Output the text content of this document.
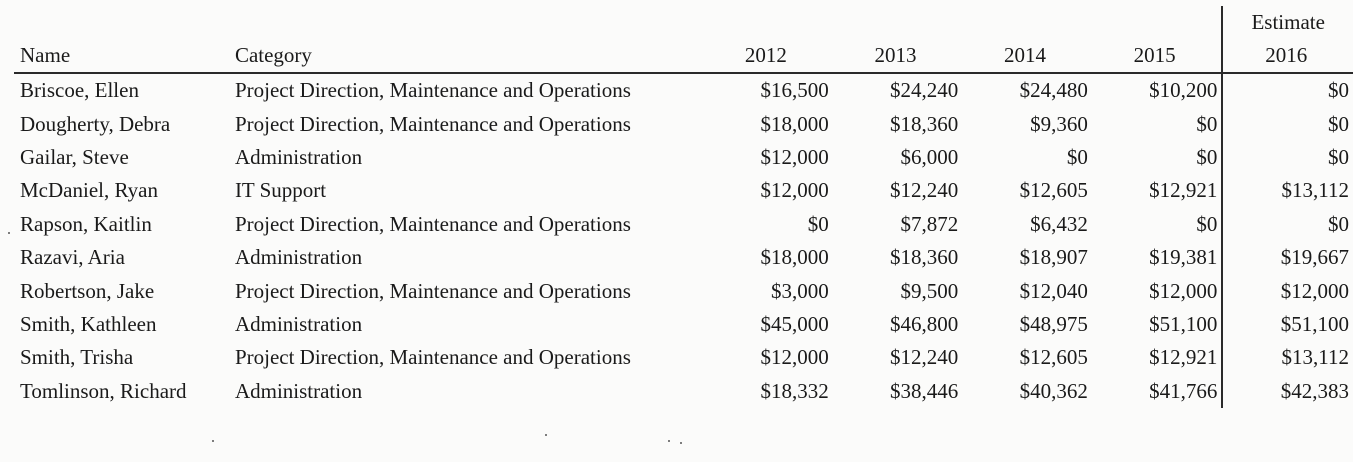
						Estimate
Name	Category	2012	2013	2014	2015	2016
Briscoe, Ellen	Project Direction, Maintenance and Operations	$16,500	$24,240	$24,480	$10,200	$0
Dougherty, Debra	Project Direction, Maintenance and Operations	$18,000	$18,360	$9,360	$0	$0
Gailar, Steve	Administration	$12,000	$6,000	$0	$0	$0
McDaniel, Ryan	IT Support	$12,000	$12,240	$12,605	$12,921	$13,112
Rapson, Kaitlin	Project Direction, Maintenance and Operations	$0	$7,872	$6,432	$0	$0
Razavi, Aria	Administration	$18,000	$18,360	$18,907	$19,381	$19,667
Robertson, Jake	Project Direction, Maintenance and Operations	$3,000	$9,500	$12,040	$12,000	$12,000
Smith, Kathleen	Administration	$45,000	$46,800	$48,975	$51,100	$51,100
Smith, Trisha	Project Direction, Maintenance and Operations	$12,000	$12,240	$12,605	$12,921	$13,112
Tomlinson, Richard	Administration	$18,332	$38,446	$40,362	$41,766	$42,383
